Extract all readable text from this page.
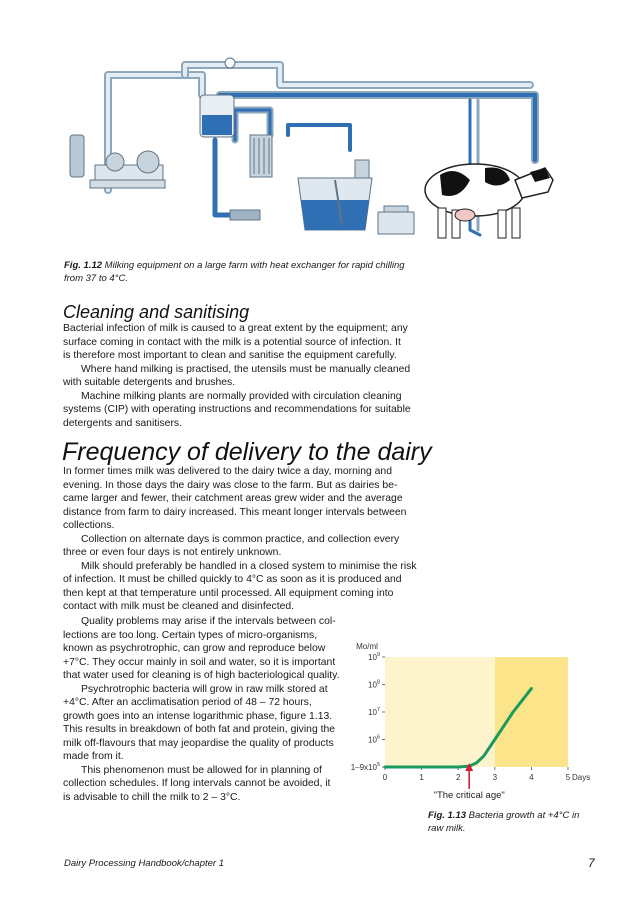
Fig. 1.12 Milking equipment on a large farm with heat exchanger for rapid chilling
from 37 to 4°C.
Cleaning and sanitising

Bacterial infection of milk is caused to a great extent by the equipment; any

surface coming in contact with the milk is a potential source of infection. It

is therefore most important to clean and sanitise the equipment carefully.

Where hand milking is practised, the utensils must be manually cleaned

with suitable detergents and brushes.

Machine milking plants are normally provided with circulation cleaning

systems (CIP) with operating instructions and recommendations for suitable

detergents and sanitisers.

Frequency of delivery to the dairy

In former times milk was delivered to the dairy twice a day, morning and

evening. In those days the dairy was close to the farm. But as dairies be-

came larger and fewer, their catchment areas grew wider and the average

distance from farm to dairy increased. This meant longer intervals between

collections.

Collection on alternate days is common practice, and collection every

three or even four days is not entirely unknown.

Milk should preferably be handled in a closed system to minimise the risk

of infection. It must be chilled quickly to 4°C as soon as it is produced and

then kept at that temperature until processed. All equipment coming into

contact with milk must be cleaned and disinfected.

Quality problems may arise if the intervals between col-

lections are too long. Certain types of micro-organisms,

known as psychrotrophic, can grow and reproduce below

+7°C. They occur mainly in soil and water, so it is important

that water used for cleaning is of high bacteriological quality.

Psychrotrophic bacteria will grow in raw milk stored at

+4°C. After an acclimatisation period of 48 – 72 hours,

growth goes into an intense logarithmic phase, figure 1.13.

This results in breakdown of both fat and protein, giving the

milk off-flavours that may jeopardise the quality of products

made from it.

This phenomenon must be allowed for in planning of

collection schedules. If long intervals cannot be avoided, it

is advisable to chill the milk to 2 – 3°C.

Mo/ml
$10^9$
$10^8$
$10^7$
$10^6$
$1-9x10^5$
0	1	2	3	4	5 Days
"The critical age"
Fig. 1.13 Bacteria growth at +4°C in
raw milk.
Dairy Processing Handbook/chapter 1	7
